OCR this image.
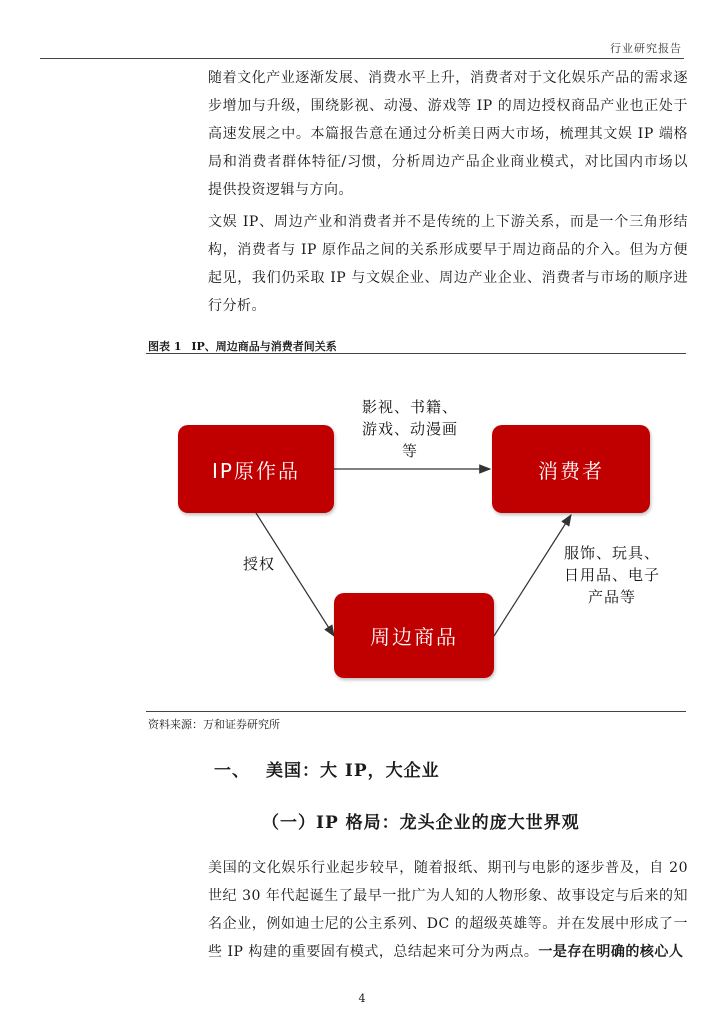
行业研究报告

随着文化产业逐渐发展、消费水平上升，消费者对于文化娱乐产品的需求逐步增加与升级，围绕影视、动漫、游戏等 IP 的周边授权商品产业也正处于高速发展之中。本篇报告意在通过分析美日两大市场，梳理其文娱 IP 端格局和消费者群体特征/习惯，分析周边产品企业商业模式，对比国内市场以提供投资逻辑与方向。

文娱 IP、周边产业和消费者并不是传统的上下游关系，而是一个三角形结构，消费者与 IP 原作品之间的关系形成要早于周边商品的介入。但为方便起见，我们仍采取 IP 与文娱企业、周边产业企业、消费者与市场的顺序进行分析。

图表 1 IP、周边商品与消费者间关系
IP原作品	消费者
周边商品
影视、书籍、
游戏、动漫画
等
授权
服饰、玩具、
日用品、电子
产品等
资料来源：万和证券研究所
一、 美国：大 IP，大企业
（一）IP 格局：龙头企业的庞大世界观

美国的文化娱乐行业起步较早，随着报纸、期刊与电影的逐步普及，自 20 世纪 30 年代起诞生了最早一批广为人知的人物形象、故事设定与后来的知名企业，例如迪士尼的公主系列、DC 的超级英雄等。并在发展中形成了一些 IP 构建的重要固有模式，总结起来可分为两点。一是存在明确的核心人

4
